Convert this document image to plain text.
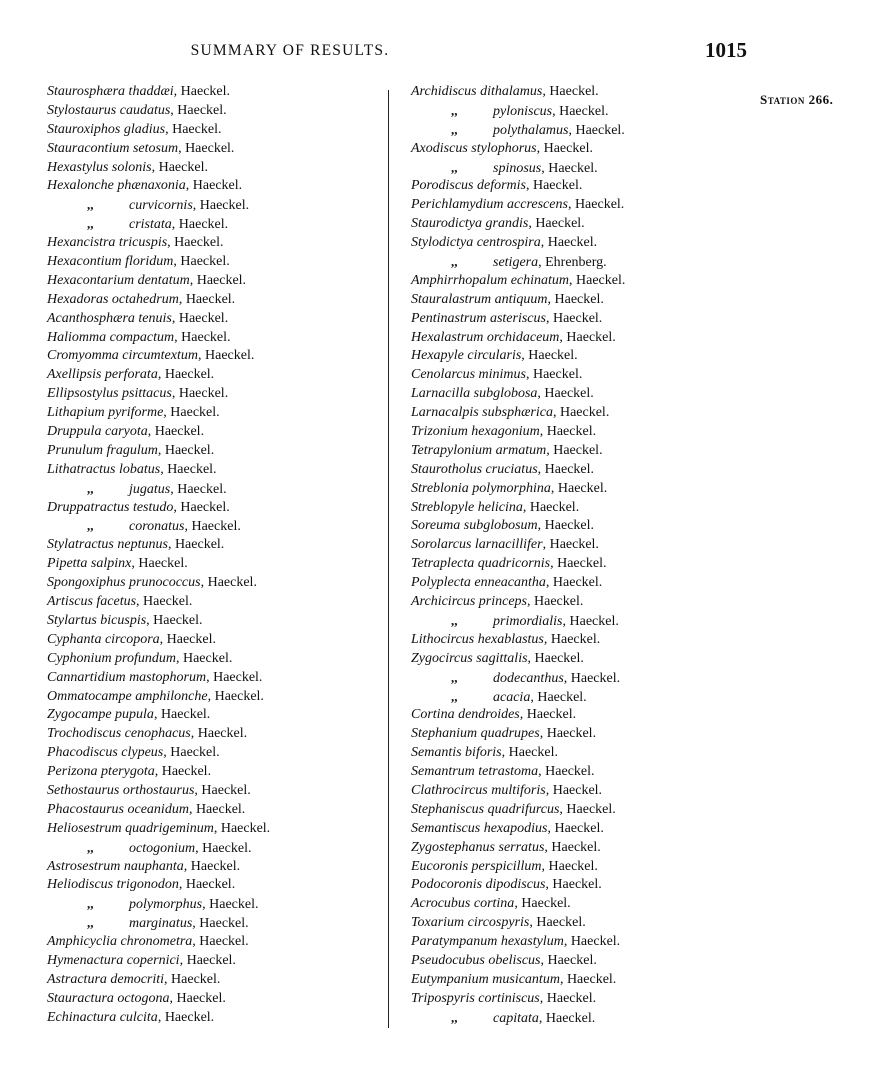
SUMMARY OF RESULTS.	1015
Station 266.
Staurosphæra thaddæi, Haeckel.
Stylostaurus caudatus, Haeckel.
Stauroxiphos gladius, Haeckel.
Stauracontium setosum, Haeckel.
Hexastylus solonis, Haeckel.
Hexalonche phænaxonia, Haeckel.
,,	curvicornis, Haeckel.
,,	cristata, Haeckel.
Hexancistra tricuspis, Haeckel.
Hexacontium floridum, Haeckel.
Hexacontarium dentatum, Haeckel.
Hexadoras octahedrum, Haeckel.
Acanthosphæra tenuis, Haeckel.
Haliomma compactum, Haeckel.
Cromyomma circumtextum, Haeckel.
Axellipsis perforata, Haeckel.
Ellipsostylus psittacus, Haeckel.
Lithapium pyriforme, Haeckel.
Druppula caryota, Haeckel.
Prunulum fragulum, Haeckel.
Lithatractus lobatus, Haeckel.
,,	jugatus, Haeckel.
Druppatractus testudo, Haeckel.
,,	coronatus, Haeckel.
Stylatractus neptunus, Haeckel.
Pipetta salpinx, Haeckel.
Spongoxiphus prunococcus, Haeckel.
Artiscus facetus, Haeckel.
Stylartus bicuspis, Haeckel.
Cyphanta circopora, Haeckel.
Cyphonium profundum, Haeckel.
Cannartidium mastophorum, Haeckel.
Ommatocampe amphilonche, Haeckel.
Zygocampe pupula, Haeckel.
Trochodiscus cenophacus, Haeckel.
Phacodiscus clypeus, Haeckel.
Perizona pterygota, Haeckel.
Sethostaurus orthostaurus, Haeckel.
Phacostaurus oceanidum, Haeckel.
Heliosestrum quadrigeminum, Haeckel.
,,	octogonium, Haeckel.
Astrosestrum nauphanta, Haeckel.
Heliodiscus trigonodon, Haeckel.
,,	polymorphus, Haeckel.
,,	marginatus, Haeckel.
Amphicyclia chronometra, Haeckel.
Hymenactura copernici, Haeckel.
Astractura democriti, Haeckel.
Stauractura octogona, Haeckel.
Echinactura culcita, Haeckel.
Archidiscus dithalamus, Haeckel.
,,	pyloniscus, Haeckel.
,,	polythalamus, Haeckel.
Axodiscus stylophorus, Haeckel.
,,	spinosus, Haeckel.
Porodiscus deformis, Haeckel.
Perichlamydium accrescens, Haeckel.
Staurodictya grandis, Haeckel.
Stylodictya centrospira, Haeckel.
,,	setigera, Ehrenberg.
Amphirrhopalum echinatum, Haeckel.
Stauralastrum antiquum, Haeckel.
Pentinastrum asteriscus, Haeckel.
Hexalastrum orchidaceum, Haeckel.
Hexapyle circularis, Haeckel.
Cenolarcus minimus, Haeckel.
Larnacilla subglobosa, Haeckel.
Larnacalpis subsphærica, Haeckel.
Trizonium hexagonium, Haeckel.
Tetrapylonium armatum, Haeckel.
Staurotholus cruciatus, Haeckel.
Streblonia polymorphina, Haeckel.
Streblopyle helicina, Haeckel.
Soreuma subglobosum, Haeckel.
Sorolarcus larnacillifer, Haeckel.
Tetraplecta quadricornis, Haeckel.
Polyplecta enneacantha, Haeckel.
Archicircus princeps, Haeckel.
,,	primordialis, Haeckel.
Lithocircus hexablastus, Haeckel.
Zygocircus sagittalis, Haeckel.
,,	dodecanthus, Haeckel.
,,	acacia, Haeckel.
Cortina dendroides, Haeckel.
Stephanium quadrupes, Haeckel.
Semantis biforis, Haeckel.
Semantrum tetrastoma, Haeckel.
Clathrocircus multiforis, Haeckel.
Stephaniscus quadrifurcus, Haeckel.
Semantiscus hexapodius, Haeckel.
Zygostephanus serratus, Haeckel.
Eucoronis perspicillum, Haeckel.
Podocoronis dipodiscus, Haeckel.
Acrocubus cortina, Haeckel.
Toxarium circospyris, Haeckel.
Paratympanum hexastylum, Haeckel.
Pseudocubus obeliscus, Haeckel.
Eutympanium musicantum, Haeckel.
Tripospyris cortiniscus, Haeckel.
,,	capitata, Haeckel.
